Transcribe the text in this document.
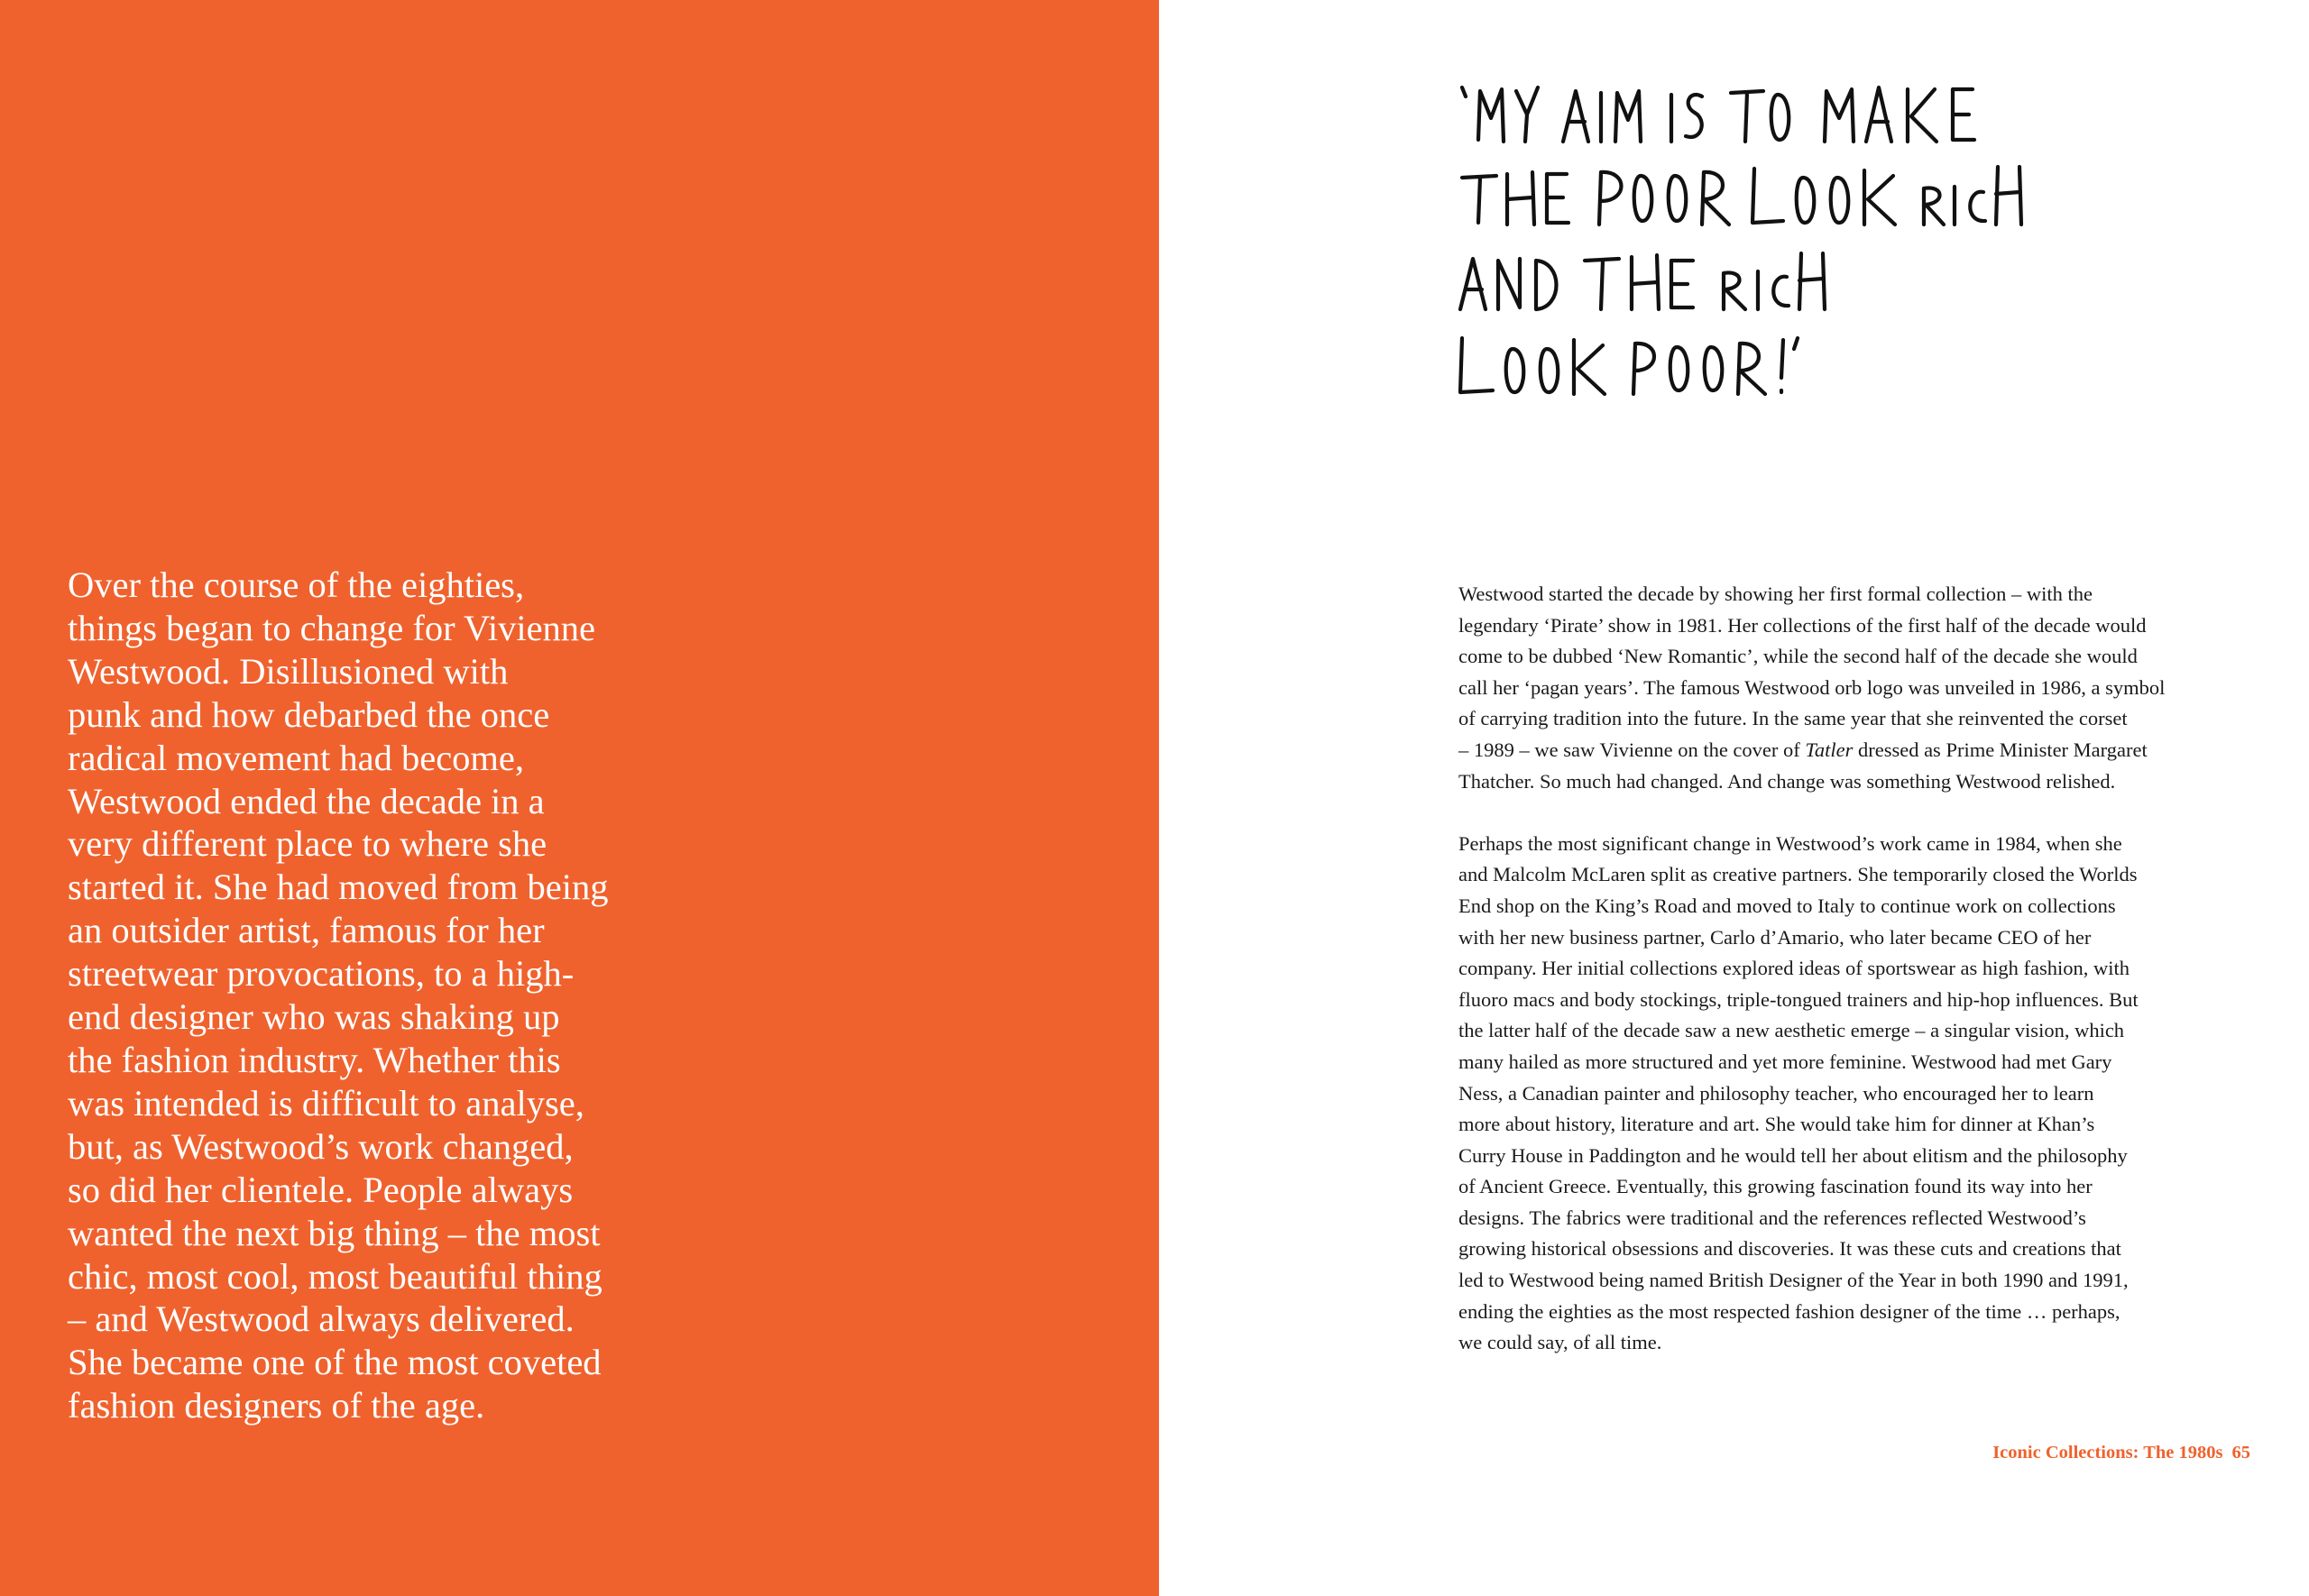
Over the course of the eighties,
things began to change for Vivienne
Westwood. Disillusioned with
punk and how debarbed the once
radical movement had become,
Westwood ended the decade in a
very different place to where she
started it. She had moved from being
an outsider artist, famous for her
streetwear provocations, to a high-
end designer who was shaking up
the fashion industry. Whether this
was intended is difficult to analyse,
but, as Westwood’s work changed,
so did her clientele. People always
wanted the next big thing – the most
chic, most cool, most beautiful thing
– and Westwood always delivered.
She became one of the most coveted
fashion designers of the age.
Westwood started the decade by showing her first formal collection – with the
legendary ‘Pirate’ show in 1981. Her collections of the first half of the decade would
come to be dubbed ‘New Romantic’, while the second half of the decade she would
call her ‘pagan years’. The famous Westwood orb logo was unveiled in 1986, a symbol
of carrying tradition into the future. In the same year that she reinvented the corset
– 1989 – we saw Vivienne on the cover of Tatler dressed as Prime Minister Margaret
Thatcher. So much had changed. And change was something Westwood relished.
Perhaps the most significant change in Westwood’s work came in 1984, when she
and Malcolm McLaren split as creative partners. She temporarily closed the Worlds
End shop on the King’s Road and moved to Italy to continue work on collections
with her new business partner, Carlo d’Amario, who later became CEO of her
company. Her initial collections explored ideas of sportswear as high fashion, with
fluoro macs and body stockings, triple-tongued trainers and hip-hop influences. But
the latter half of the decade saw a new aesthetic emerge – a singular vision, which
many hailed as more structured and yet more feminine. Westwood had met Gary
Ness, a Canadian painter and philosophy teacher, who encouraged her to learn
more about history, literature and art. She would take him for dinner at Khan’s
Curry House in Paddington and he would tell her about elitism and the philosophy
of Ancient Greece. Eventually, this growing fascination found its way into her
designs. The fabrics were traditional and the references reflected Westwood’s
growing historical obsessions and discoveries. It was these cuts and creations that
led to Westwood being named British Designer of the Year in both 1990 and 1991,
ending the eighties as the most respected fashion designer of the time … perhaps,
we could say, of all time.
Iconic Collections: The 1980s 65
